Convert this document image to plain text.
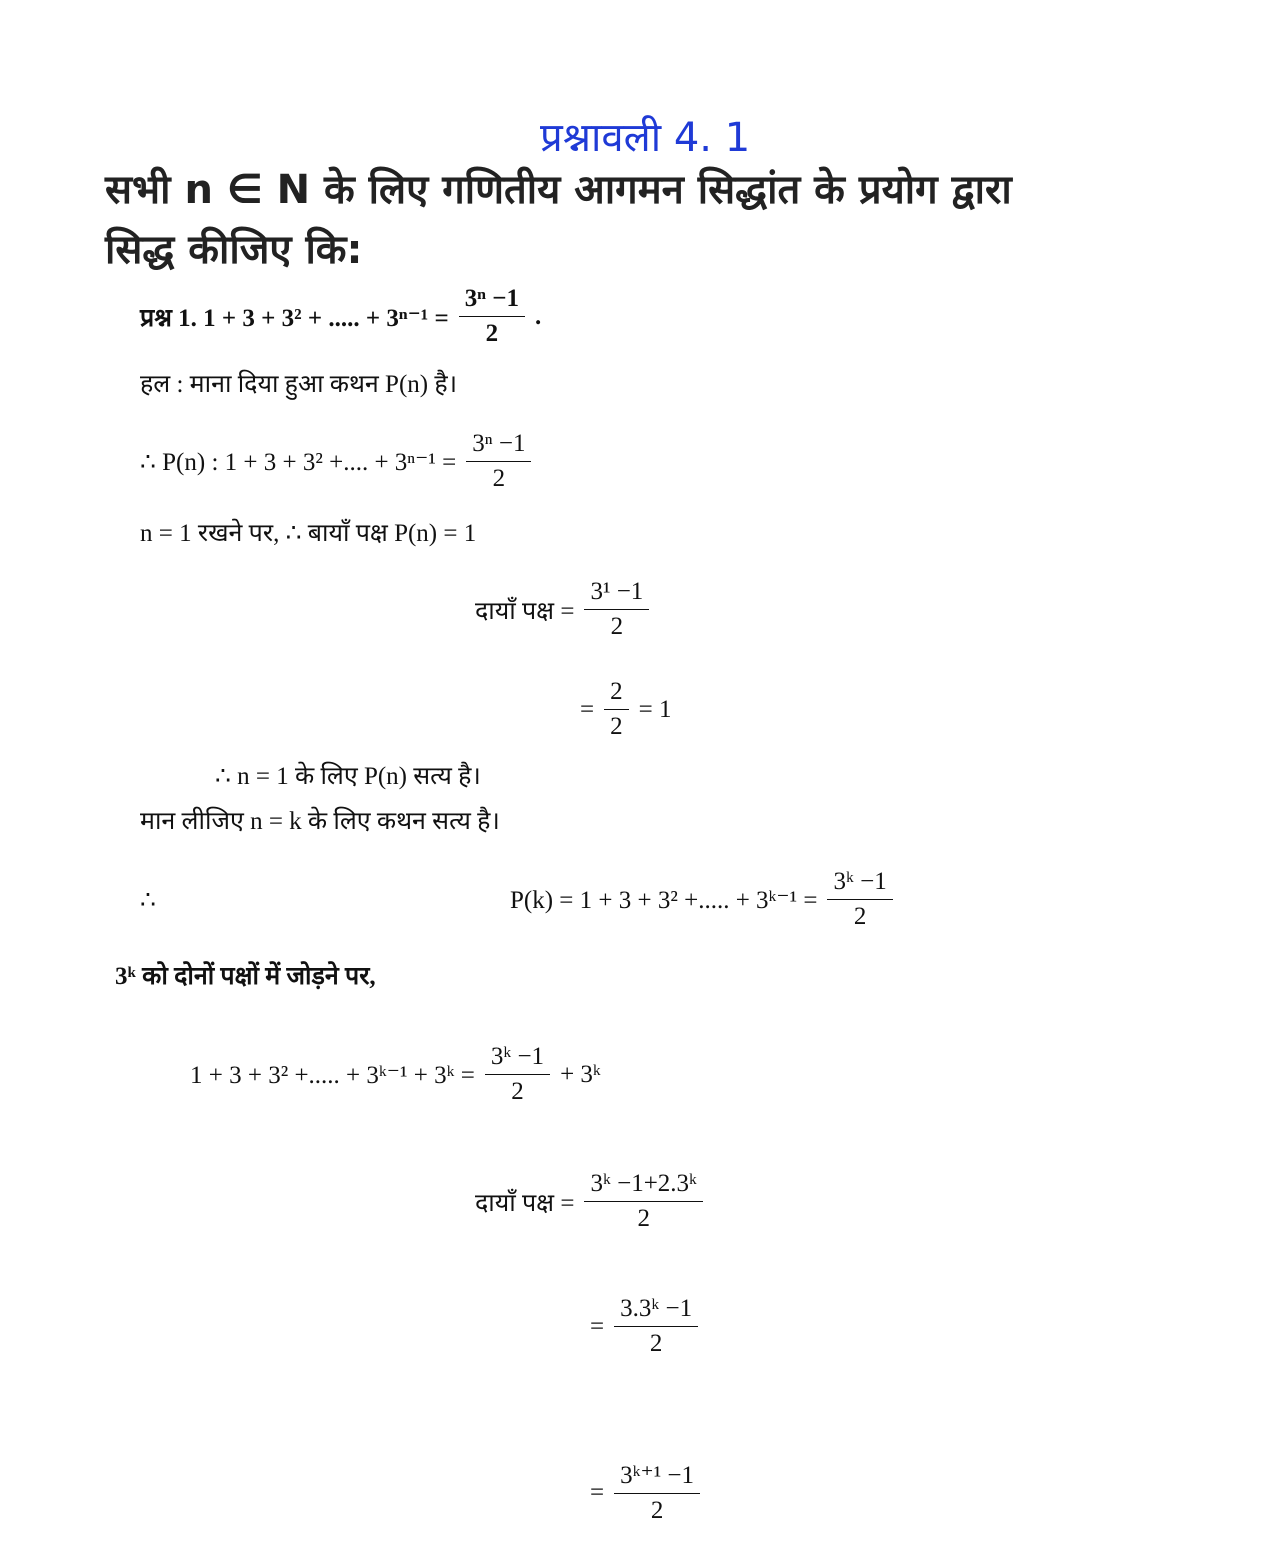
प्रश्नावली 4. 1
सभी n ∈ N के लिए गणितीय आगमन सिद्धांत के प्रयोग द्वारा
सिद्ध कीजिए कि:
प्रश्न 1. 1 + 3 + 3² + ..... + $3^{n-1} = \frac{\text{3ⁿ −1}}{2}$ .
हल : माना दिया हुआ कथन P(n) है।
∴ P(n) : 1 + 3 + 3² +.... + $3^{n-1} = \frac{\text{3ⁿ −1}}{2}$
n = 1 रखने पर, ∴ बायाँ पक्ष P(n) = 1
दायाँ पक्ष = $\frac{\text{3¹ −1}}{2}$
= $\frac{2}{2} = 1$
∴ n = 1 के लिए P(n) सत्य है।
मान लीजिए n = k के लिए कथन सत्य है।
∴	P(k) = 1 + 3 + 3² +..... + 3ᵏ⁻¹ = $\frac{\text{3ᵏ −1}}{2}$
3ᵏ को दोनों पक्षों में जोड़ने पर,
1 + 3 + 3² +..... + 3ᵏ⁻¹ + 3ᵏ = $\frac{\text{3ᵏ −1}}{2}$ + 3ᵏ
दायाँ पक्ष = $\frac{\text{3ᵏ −1+2.3ᵏ}}{2}$
= $\frac{\text{3.3ᵏ −1}}{2}$
= $\frac{\text{3ᵏ⁺¹ −1}}{2}$
